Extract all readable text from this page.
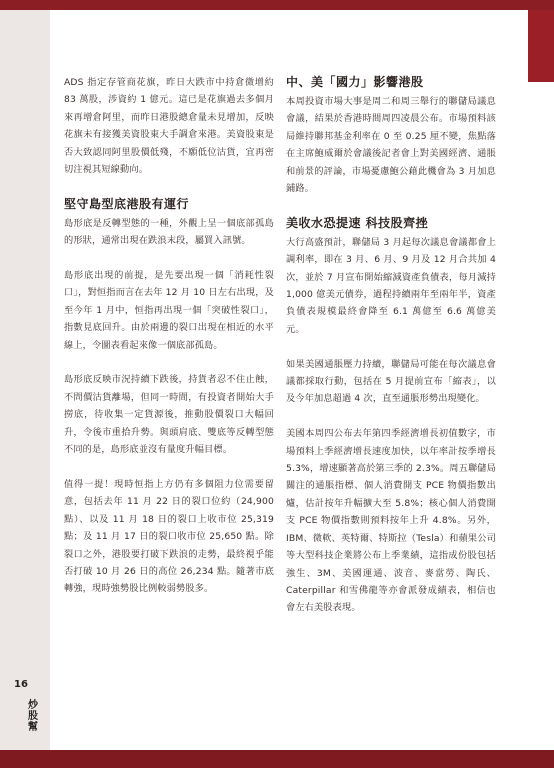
ADS 指定存管商花旗，昨日大跌市中持倉微增約 83 萬股，涉資約 1 億元。這已是花旗過去多個月來再增倉阿里，而昨日港股總倉量未見增加，反映花旗未有接獲美資股東大手調倉來港。美資股東是否大致認同阿里股價低殘，不願低位沽貨，宜再密切注視其短線動向。

堅守島型底港股有運行

島形底是反轉型態的一種，外觀上呈一個底部孤島的形狀，通常出現在跌浪末段，屬買入訊號。

島形底出現的前提，是先要出現一個「消耗性裂口」，對恒指而言在去年 12 月 10 日左右出現，及至今年 1 月中，恒指再出現一個「突破性裂口」，指數見底回升。由於兩邊的裂口出現在相近的水平線上，令圖表看起來像一個底部孤島。

島形底反映市況持續下跌後，持貨者忍不住止蝕，不問價沽貨離場，但同一時間，有投資者開始大手撈底，待收集一定貨源後，推動股價裂口大幅回升，令後市重拾升勢。與頭肩底、雙底等反轉型態不同的是，島形底並沒有量度升幅目標。

值得一提！現時恒指上方仍有多個阻力位需要留意，包括去年 11 月 22 日的裂口位約（24,900 點）、以及 11 月 18 日的裂口上收市位 25,319 點；及 11 月 17 日的裂口收市位 25,650 點。除裂口之外，港股要打破下跌浪的走勢，最終視乎能否打破 10 月 26 日的高位 26,234 點。隨著市底轉強，現時強勢股比例較弱勢股多。

中、美「國力」影響港股

本周投資市場大事是周二和周三舉行的聯儲局議息會議，結果於香港時間周四凌晨公布。市場預料該局維持聯邦基金利率在 0 至 0.25 厘不變，焦點落在主席鮑威爾於會議後記者會上對美國經濟、通脹和前景的評論，市場憂慮鮑公藉此機會為 3 月加息鋪路。

美收水恐提速 科技股齊挫

大行高盛預計，聯儲局 3 月起每次議息會議都會上調利率，即在 3 月、6 月、9 月及 12 月合共加 4 次，並於 7 月宣布開始縮減資產負債表，每月減持 1,000 億美元債券，過程持續兩年至兩年半，資產負債表規模最終會降至 6.1 萬億至 6.6 萬億美元。

如果美國通脹壓力持續，聯儲局可能在每次議息會議都採取行動，包括在 5 月提前宣布「縮表」，以及今年加息超過 4 次，直至通脹形勢出現變化。

美國本周四公布去年第四季經濟增長初值數字，市場預料上季經濟增長速度加快，以年率計按季增長 5.3%，增速顯著高於第三季的 2.3%。周五聯儲局關注的通脹指標、個人消費開支 PCE 物價指數出爐，估計按年升幅擴大至 5.8%；核心個人消費開支 PCE 物價指數則預料按年上升 4.8%。另外，IBM、微軟、英特爾、特斯拉（Tesla）和蘋果公司等大型科技企業將公布上季業績，這指成份股包括強生、3M、美國運通、波音、麥當勞、陶氏、Caterpillar 和雪佛龍等亦會派發成績表，相信也會左右美股表現。

16
炒股幫
